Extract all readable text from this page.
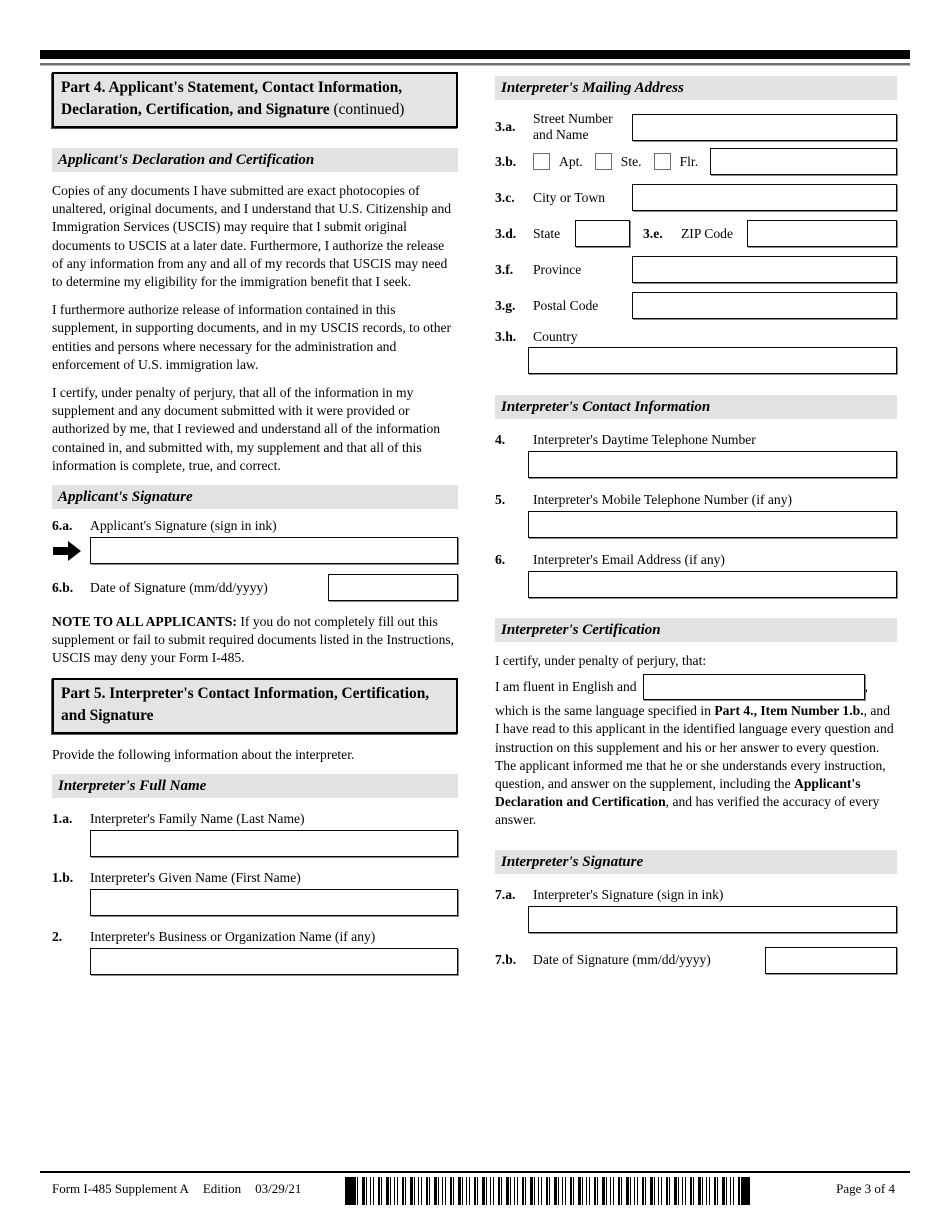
Part 4. Applicant's Statement, Contact Information, Declaration, Certification, and Signature (continued)
Applicant's Declaration and Certification

Copies of any documents I have submitted are exact photocopies of unaltered, original documents, and I understand that U.S. Citizenship and Immigration Services (USCIS) may require that I submit original documents to USCIS at a later date. Furthermore, I authorize the release of any information from any and all of my records that USCIS may need to determine my eligibility for the immigration benefit that I seek.

I furthermore authorize release of information contained in this supplement, in supporting documents, and in my USCIS records, to other entities and persons where necessary for the administration and enforcement of U.S. immigration law.

I certify, under penalty of perjury, that all of the information in my supplement and any document submitted with it were provided or authorized by me, that I reviewed and understand all of the information contained in, and submitted with, my supplement and that all of this information is complete, true, and correct.

Applicant's Signature
6.a.	Applicant's Signature (sign in ink)
6.b.	Date of Signature (mm/dd/yyyy)

NOTE TO ALL APPLICANTS: If you do not completely fill out this supplement or fail to submit required documents listed in the Instructions, USCIS may deny your Form I-485.

Part 5. Interpreter's Contact Information, Certification, and Signature

Provide the following information about the interpreter.

Interpreter's Full Name
1.a.	Interpreter's Family Name (Last Name)
1.b.	Interpreter's Given Name (First Name)
2.	Interpreter's Business or Organization Name (if any)
Interpreter's Mailing Address
3.a.
Street Number
and Name
3.b.	Apt.	Ste.	Flr.
3.c.	City or Town
3.d.	State	3.e.	ZIP Code
3.f.	Province
3.g.	Postal Code
3.h.	Country
Interpreter's Contact Information
4.	Interpreter's Daytime Telephone Number
5.	Interpreter's Mobile Telephone Number (if any)
6.	Interpreter's Email Address (if any)
Interpreter's Certification

I certify, under penalty of perjury, that:

I am fluent in English and	,

which is the same language specified in Part 4., Item Number 1.b., and I have read to this applicant in the identified language every question and instruction on this supplement and his or her answer to every question. The applicant informed me that he or she understands every instruction, question, and answer on the supplement, including the Applicant's Declaration and Certification, and has verified the accuracy of every answer.

Interpreter's Signature
7.a.	Interpreter's Signature (sign in ink)
7.b.	Date of Signature (mm/dd/yyyy)
Form I-485 Supplement A Edition 03/29/21	Page 3 of 4
